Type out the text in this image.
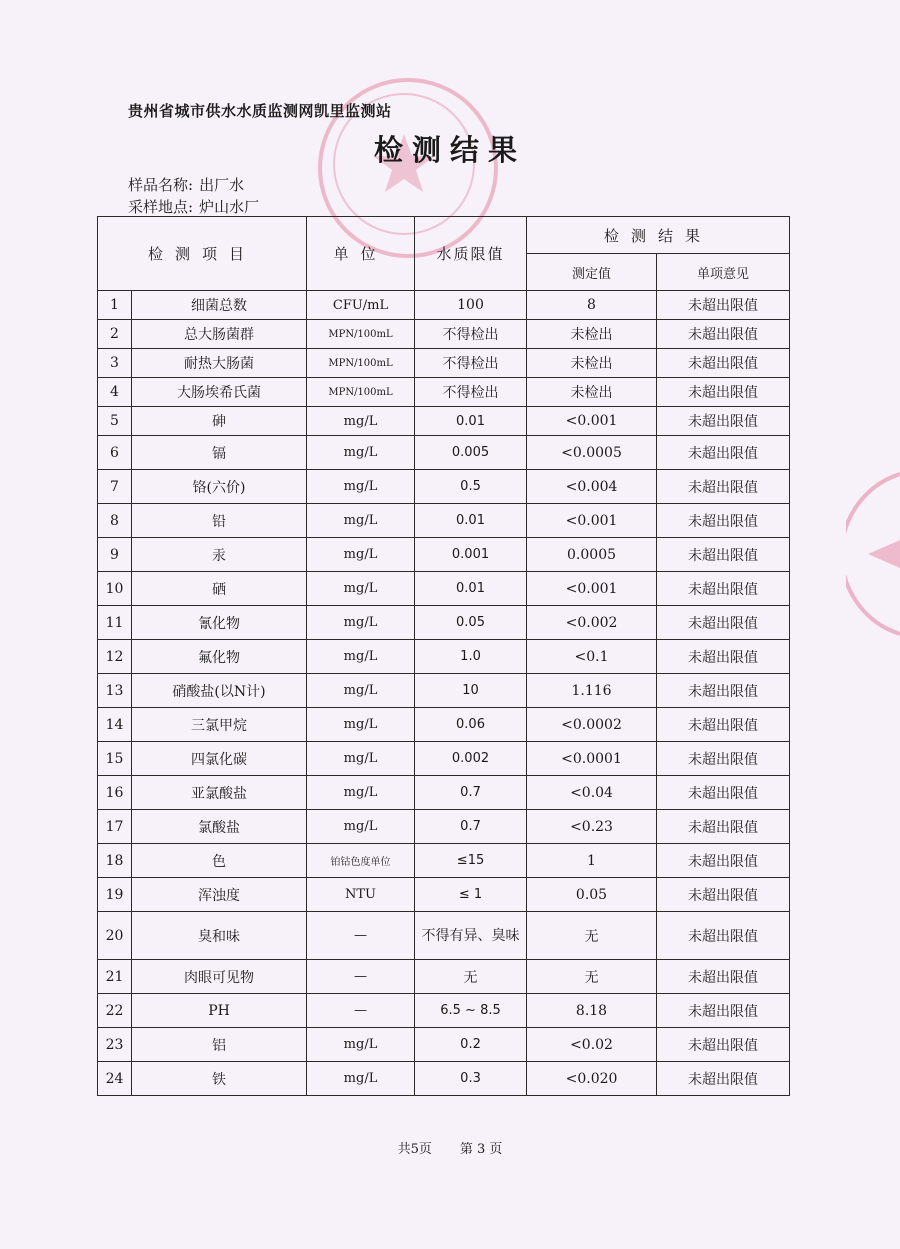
贵州省城市供水水质监测网凯里监测站
检测结果
样品名称: 出厂水
采样地点: 炉山水厂
检测项目		单位	水质限值	检测结果	
				测定值	单项意见
1	细菌总数	CFU/mL	100	8	未超出限值
2	总大肠菌群	MPN/100mL	不得检出	未检出	未超出限值
3	耐热大肠菌	MPN/100mL	不得检出	未检出	未超出限值
4	大肠埃希氏菌	MPN/100mL	不得检出	未检出	未超出限值
5	砷	mg/L	0.01	<0.001	未超出限值
6	镉	mg/L	0.005	<0.0005	未超出限值
7	铬(六价)	mg/L	0.5	<0.004	未超出限值
8	铅	mg/L	0.01	<0.001	未超出限值
9	汞	mg/L	0.001	0.0005	未超出限值
10	硒	mg/L	0.01	<0.001	未超出限值
11	氰化物	mg/L	0.05	<0.002	未超出限值
12	氟化物	mg/L	1.0	<0.1	未超出限值
13	硝酸盐(以N计)	mg/L	10	1.116	未超出限值
14	三氯甲烷	mg/L	0.06	<0.0002	未超出限值
15	四氯化碳	mg/L	0.002	<0.0001	未超出限值
16	亚氯酸盐	mg/L	0.7	<0.04	未超出限值
17	氯酸盐	mg/L	0.7	<0.23	未超出限值
18	色	铂钴色度单位	≤15	1	未超出限值
19	浑浊度	NTU	≤ 1	0.05	未超出限值
20	臭和味	—	不得有异、臭味	无	未超出限值
21	肉眼可见物	—	无	无	未超出限值
22	PH	—	6.5 ~ 8.5	8.18	未超出限值
23	铝	mg/L	0.2	<0.02	未超出限值
24	铁	mg/L	0.3	<0.020	未超出限值
共5页 第 3 页
